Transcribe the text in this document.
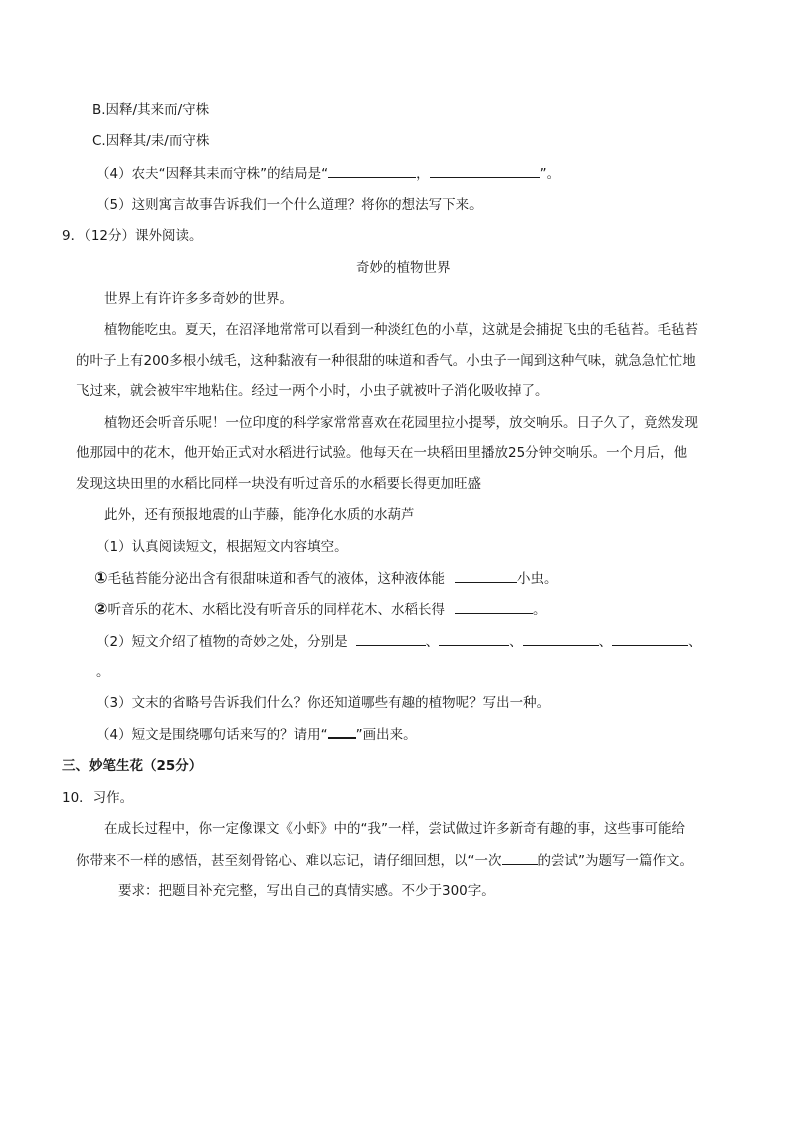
B.因释/其来而/守株
C.因释其/耒/而守株
（4）农夫“因释其耒而守株”的结局是“	，	”。
（5）这则寓言故事告诉我们一个什么道理？将你的想法写下来。
9．（12分）课外阅读。
奇妙的植物世界
世界上有许许多多奇妙的世界。
植物能吃虫。夏天，在沼泽地常常可以看到一种淡红色的小草，这就是会捕捉飞虫的毛毡苔。毛毡苔
的叶子上有200多根小绒毛，这种黏液有一种很甜的味道和香气。小虫子一闻到这种气味，就急急忙忙地
飞过来，就会被牢牢地粘住。经过一两个小时，小虫子就被叶子消化吸收掉了。
植物还会听音乐呢！一位印度的科学家常常喜欢在花园里拉小提琴，放交响乐。日子久了，竟然发现
他那园中的花木，他开始正式对水稻进行试验。他每天在一块稻田里播放25分钟交响乐。一个月后，他
发现这块田里的水稻比同样一块没有听过音乐的水稻要长得更加旺盛
此外，还有预报地震的山芋藤，能净化水质的水葫芦
（1）认真阅读短文，根据短文内容填空。
①毛毡苔能分泌出含有很甜味道和香气的液体，这种液体能	小虫。
②听音乐的花木、水稻比没有听音乐的同样花木、水稻长得	。
（2）短文介绍了植物的奇妙之处，分别是	、	、	、	、
。
（3）文末的省略号告诉我们什么？你还知道哪些有趣的植物呢？写出一种。
（4）短文是围绕哪句话来写的？请用“ ”画出来。
三、妙笔生花（25分）
10．习作。
在成长过程中，你一定像课文《小虾》中的“我”一样，尝试做过许多新奇有趣的事，这些事可能给
你带来不一样的感悟，甚至刻骨铭心、难以忘记，请仔细回想，以“一次	的尝试”为题写一篇作文。
要求：把题目补充完整，写出自己的真情实感。不少于300字。
